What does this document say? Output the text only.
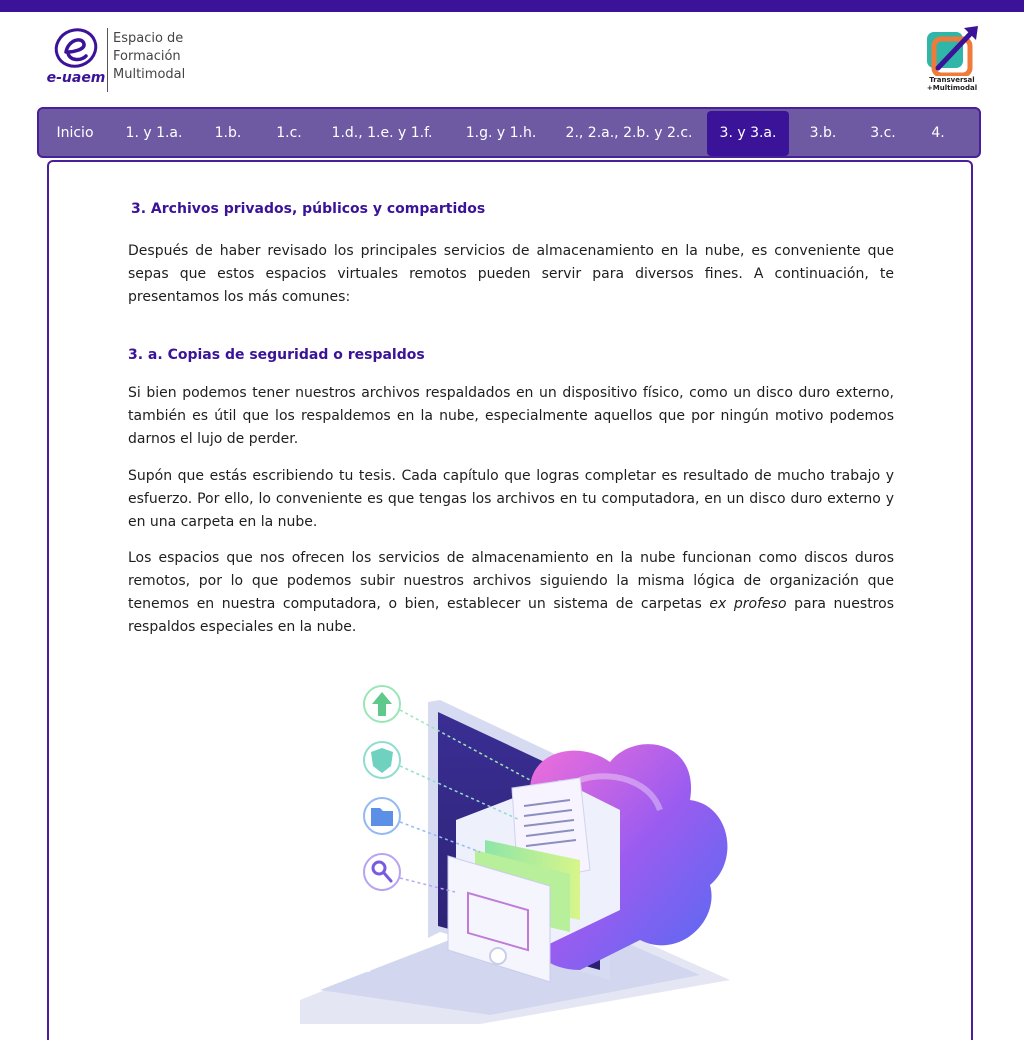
e-uaem
Espacio de
Formación
Multimodal	Transversal
+Multimodal
Inicio	1. y 1.a.	1.b.	1.c.	1.d., 1.e. y 1.f.	1.g. y 1.h.	2., 2.a., 2.b. y 2.c.	3. y 3.a.	3.b.	3.c.	4.
3. Archivos privados, públicos y compartidos
Después de haber revisado los principales servicios de almacenamiento en la nube, es conveniente que sepas que estos espacios virtuales remotos pueden servir para diversos fines. A continuación, te presentamos los más comunes:
3. a. Copias de seguridad o respaldos
Si bien podemos tener nuestros archivos respaldados en un dispositivo físico, como un disco duro externo, también es útil que los respaldemos en la nube, especialmente aquellos que por ningún motivo podemos darnos el lujo de perder.
Supón que estás escribiendo tu tesis. Cada capítulo que logras completar es resultado de mucho trabajo y esfuerzo. Por ello, lo conveniente es que tengas los archivos en tu computadora, en un disco duro externo y en una carpeta en la nube.
Los espacios que nos ofrecen los servicios de almacenamiento en la nube funcionan como discos duros remotos, por lo que podemos subir nuestros archivos siguiendo la misma lógica de organización que tenemos en nuestra computadora, o bien, establecer un sistema de carpetas ex profeso para nuestros respaldos especiales en la nube.
